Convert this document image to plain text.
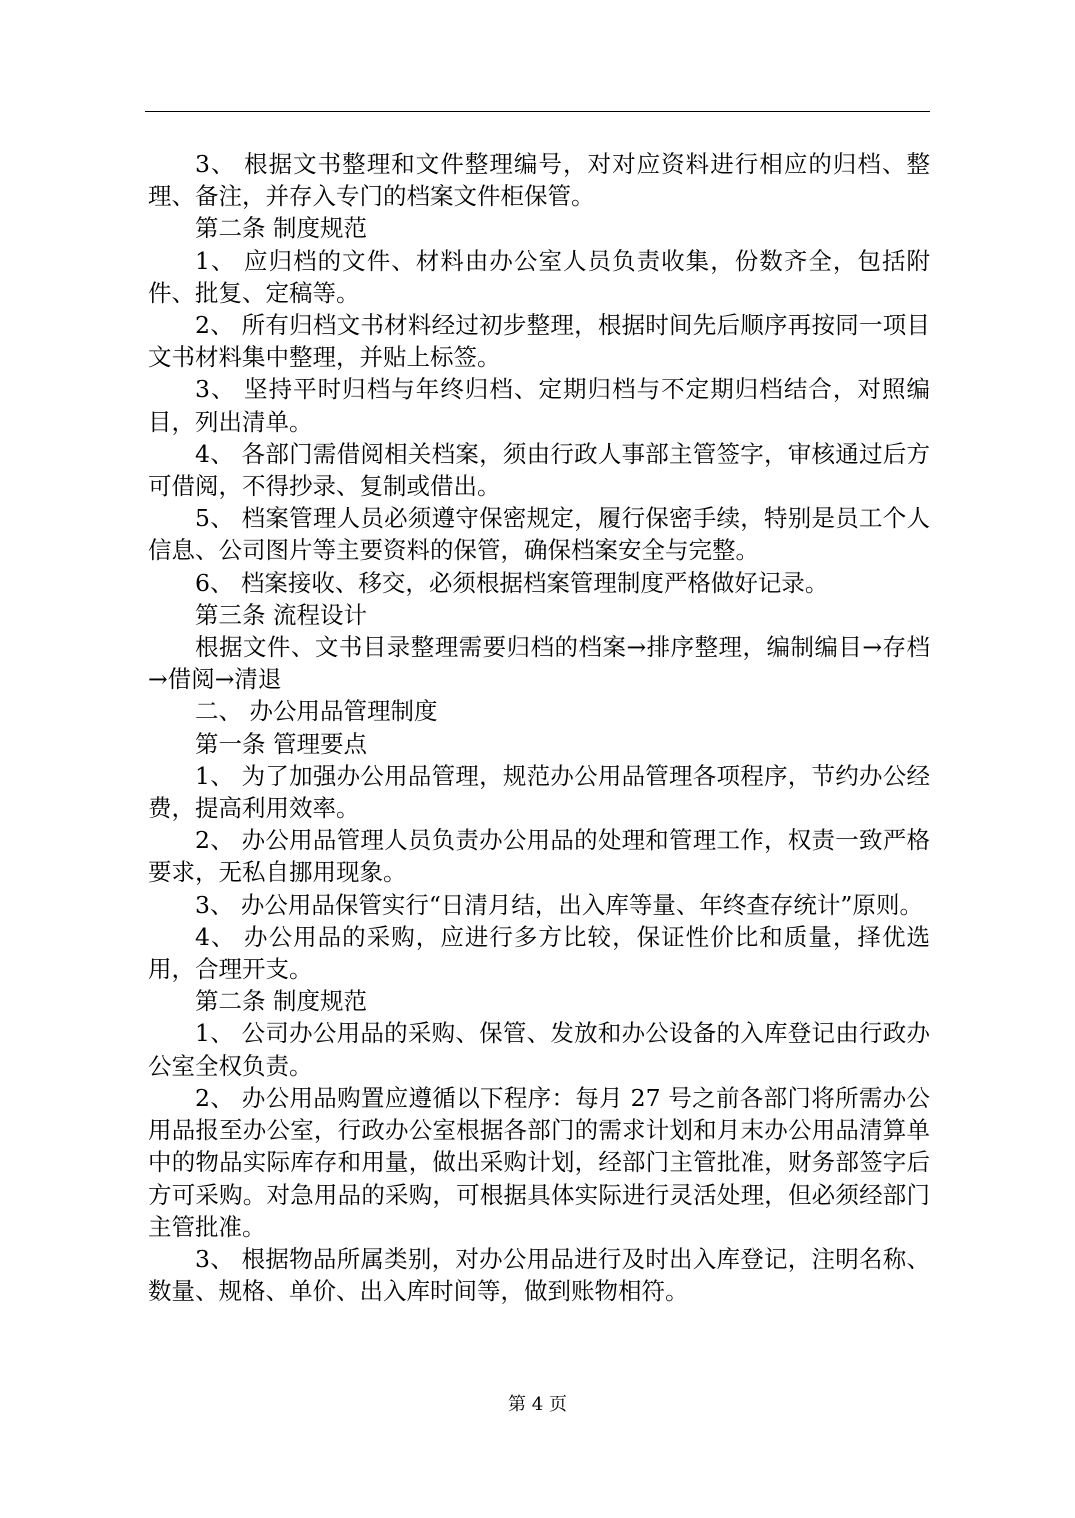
3、 根据文书整理和文件整理编号，对对应资料进行相应的归档、整理、备注，并存入专门的档案文件柜保管。

第二条 制度规范

1、 应归档的文件、材料由办公室人员负责收集，份数齐全，包括附件、批复、定稿等。

2、 所有归档文书材料经过初步整理，根据时间先后顺序再按同一项目文书材料集中整理，并贴上标签。

3、 坚持平时归档与年终归档、定期归档与不定期归档结合，对照编目，列出清单。

4、 各部门需借阅相关档案，须由行政人事部主管签字，审核通过后方可借阅，不得抄录、复制或借出。

5、 档案管理人员必须遵守保密规定，履行保密手续，特别是员工个人信息、公司图片等主要资料的保管，确保档案安全与完整。

6、 档案接收、移交，必须根据档案管理制度严格做好记录。

第三条 流程设计

根据文件、文书目录整理需要归档的档案→排序整理，编制编目→存档→借阅→清退

二、 办公用品管理制度

第一条 管理要点

1、 为了加强办公用品管理，规范办公用品管理各项程序，节约办公经费，提高利用效率。

2、 办公用品管理人员负责办公用品的处理和管理工作，权责一致严格要求，无私自挪用现象。

3、 办公用品保管实行“日清月结，出入库等量、年终查存统计”原则。

4、 办公用品的采购，应进行多方比较，保证性价比和质量，择优选用，合理开支。

第二条 制度规范

1、 公司办公用品的采购、保管、发放和办公设备的入库登记由行政办公室全权负责。

2、 办公用品购置应遵循以下程序：每月 27 号之前各部门将所需办公用品报至办公室，行政办公室根据各部门的需求计划和月末办公用品清算单中的物品实际库存和用量，做出采购计划，经部门主管批准，财务部签字后方可采购。对急用品的采购，可根据具体实际进行灵活处理，但必须经部门主管批准。

3、 根据物品所属类别，对办公用品进行及时出入库登记，注明名称、数量、规格、单价、出入库时间等，做到账物相符。

第 4 页
